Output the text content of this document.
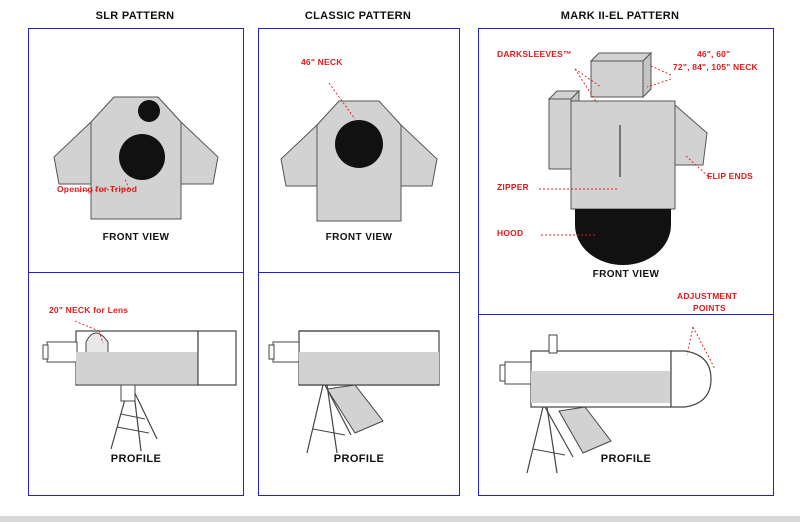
SLR PATTERN	CLASSIC PATTERN	MARK II-EL PATTERN
Opening for Tripod
FRONT VIEW
20" NECK for Lens
PROFILE
46" NECK
FRONT VIEW
PROFILE
DARKSLEEVES™	46", 60"
72", 84", 105" NECK
FLIP ENDS
ZIPPER
HOOD
FRONT VIEW
ADJUSTMENT
POINTS
PROFILE
